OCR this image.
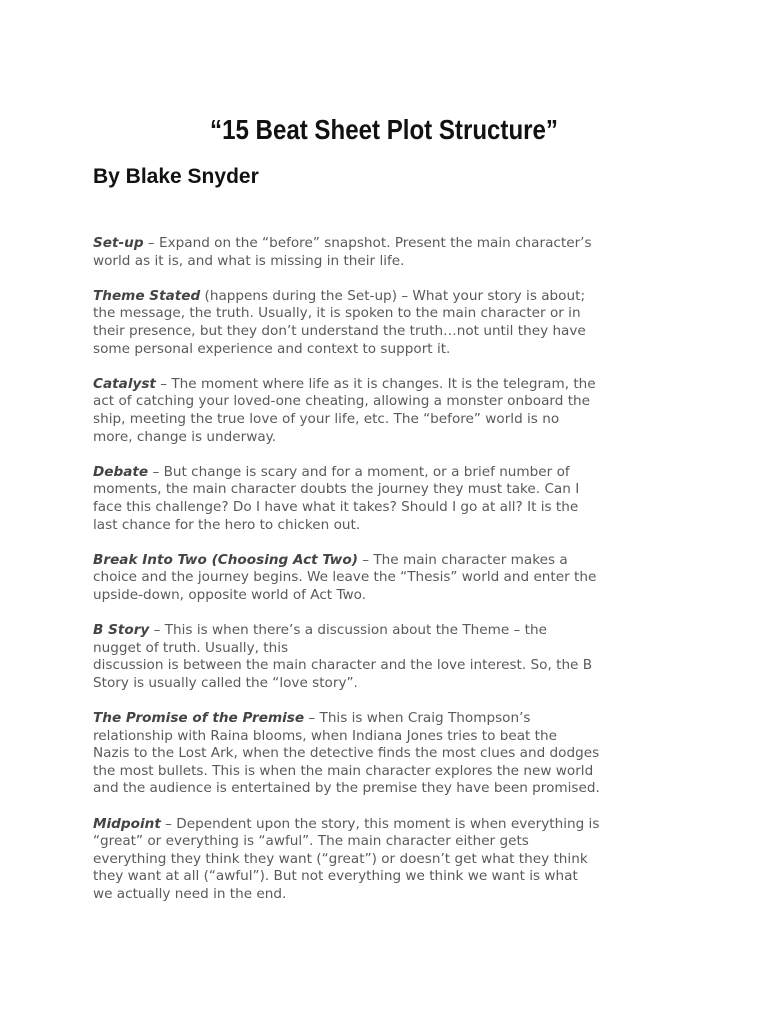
“15 Beat Sheet Plot Structure”
By Blake Snyder
Set-up – Expand on the “before” snapshot. Present the main character’s
world as it is, and what is missing in their life.
Theme Stated (happens during the Set-up) – What your story is about;
the message, the truth. Usually, it is spoken to the main character or in
their presence, but they don’t understand the truth…not until they have
some personal experience and context to support it.
Catalyst – The moment where life as it is changes. It is the telegram, the
act of catching your loved-one cheating, allowing a monster onboard the
ship, meeting the true love of your life, etc. The “before” world is no
more, change is underway.
Debate – But change is scary and for a moment, or a brief number of
moments, the main character doubts the journey they must take. Can I
face this challenge? Do I have what it takes? Should I go at all? It is the
last chance for the hero to chicken out.
Break Into Two (Choosing Act Two) – The main character makes a
choice and the journey begins. We leave the “Thesis” world and enter the
upside-down, opposite world of Act Two.
B Story – This is when there’s a discussion about the Theme – the
nugget of truth. Usually, this
discussion is between the main character and the love interest. So, the B
Story is usually called the “love story”.
The Promise of the Premise – This is when Craig Thompson’s
relationship with Raina blooms, when Indiana Jones tries to beat the
Nazis to the Lost Ark, when the detective finds the most clues and dodges
the most bullets. This is when the main character explores the new world
and the audience is entertained by the premise they have been promised.
Midpoint – Dependent upon the story, this moment is when everything is
“great” or everything is “awful”. The main character either gets
everything they think they want (“great”) or doesn’t get what they think
they want at all (“awful”). But not everything we think we want is what
we actually need in the end.
